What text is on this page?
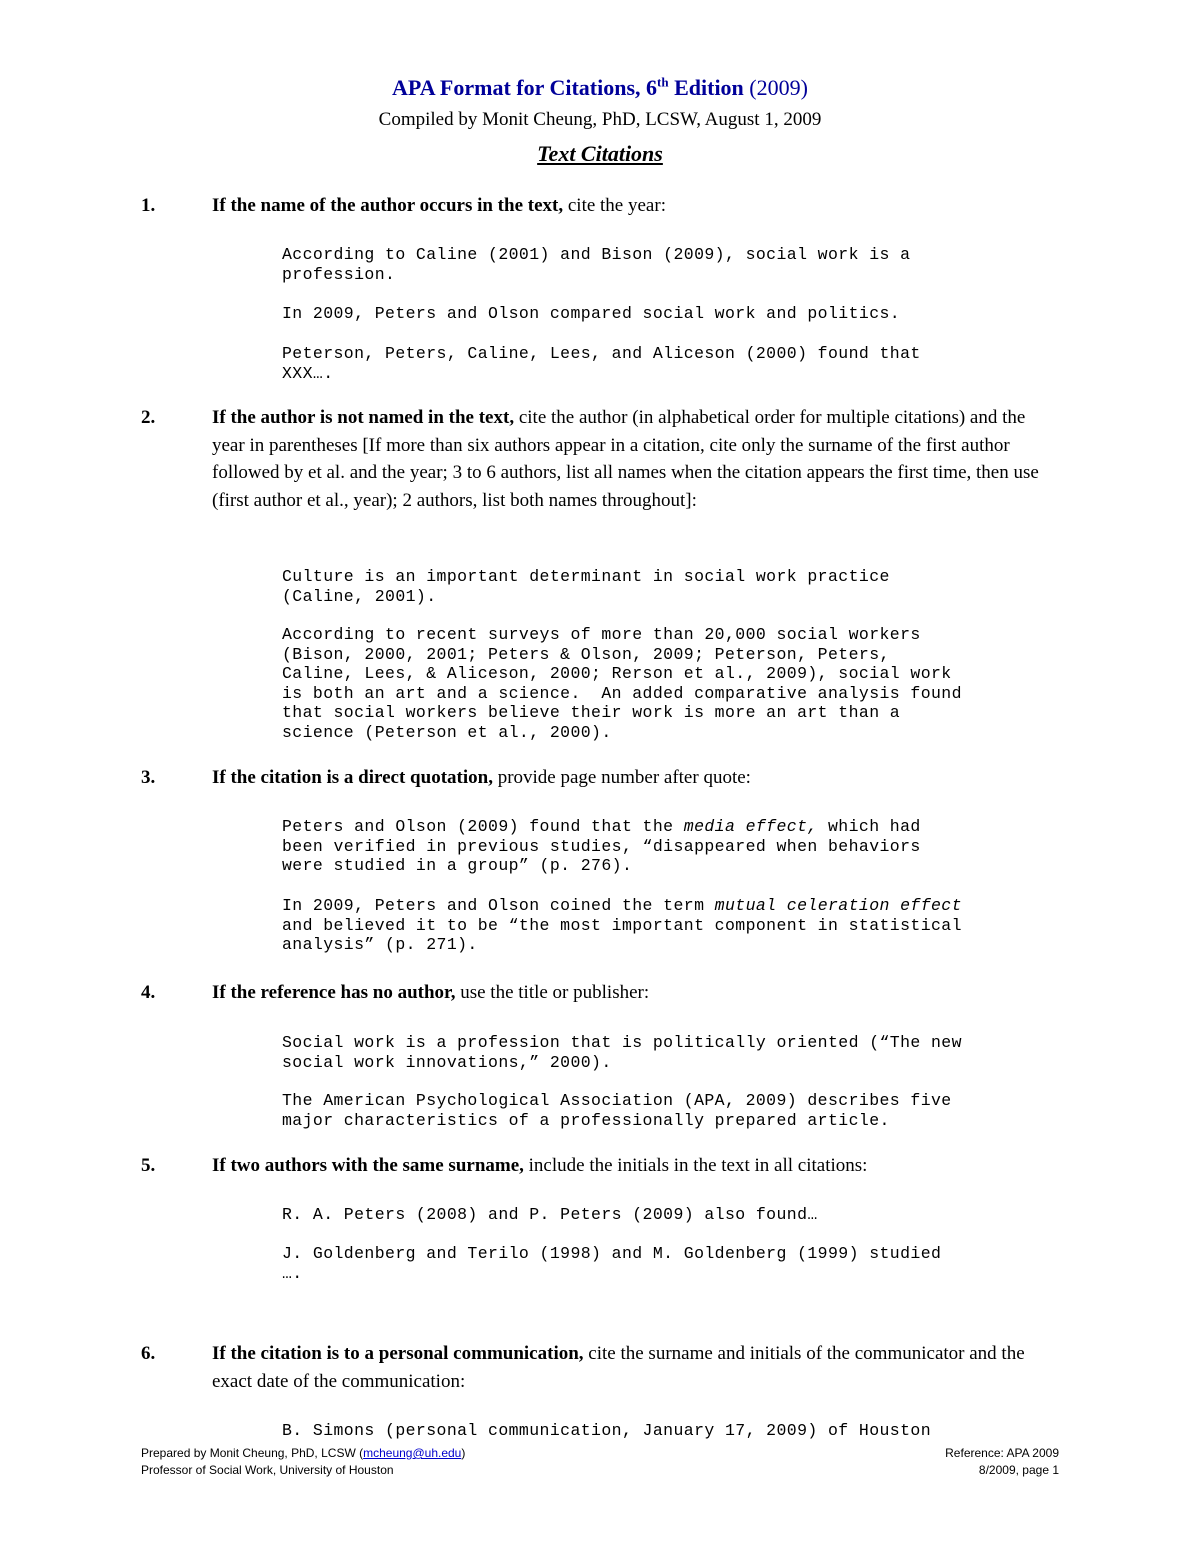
APA Format for Citations, 6th Edition (2009)
Compiled by Monit Cheung, PhD, LCSW, August 1, 2009
Text Citations
1.	If the name of the author occurs in the text, cite the year:
According to Caline (2001) and Bison (2009), social work is a
profession.
In 2009, Peters and Olson compared social work and politics.
Peterson, Peters, Caline, Lees, and Aliceson (2000) found that
XXX….
2.	If the author is not named in the text, cite the author (in alphabetical order for multiple citations) and the year in parentheses [If more than six authors appear in a citation, cite only the surname of the first author followed by et al. and the year; 3 to 6 authors, list all names when the citation appears the first time, then use (first author et al., year); 2 authors, list both names throughout]:
Culture is an important determinant in social work practice
(Caline, 2001).
According to recent surveys of more than 20,000 social workers
(Bison, 2000, 2001; Peters & Olson, 2009; Peterson, Peters,
Caline, Lees, & Aliceson, 2000; Rerson et al., 2009), social work
is both an art and a science.  An added comparative analysis found
that social workers believe their work is more an art than a
science (Peterson et al., 2000).
3.	If the citation is a direct quotation, provide page number after quote:
Peters and Olson (2009) found that the media effect, which had
been verified in previous studies, “disappeared when behaviors
were studied in a group” (p. 276).
In 2009, Peters and Olson coined the term mutual celeration effect
and believed it to be “the most important component in statistical
analysis” (p. 271).
4.	If the reference has no author, use the title or publisher:
Social work is a profession that is politically oriented (“The new
social work innovations,” 2000).
The American Psychological Association (APA, 2009) describes five
major characteristics of a professionally prepared article.
5.	If two authors with the same surname, include the initials in the text in all citations:
R. A. Peters (2008) and P. Peters (2009) also found…
J. Goldenberg and Terilo (1998) and M. Goldenberg (1999) studied
….
6.	If the citation is to a personal communication, cite the surname and initials of the communicator and the exact date of the communication:
B. Simons (personal communication, January 17, 2009) of Houston
Prepared by Monit Cheung, PhD, LCSW (mcheung@uh.edu)
Professor of Social Work, University of Houston
Reference: APA 2009
8/2009, page 1
